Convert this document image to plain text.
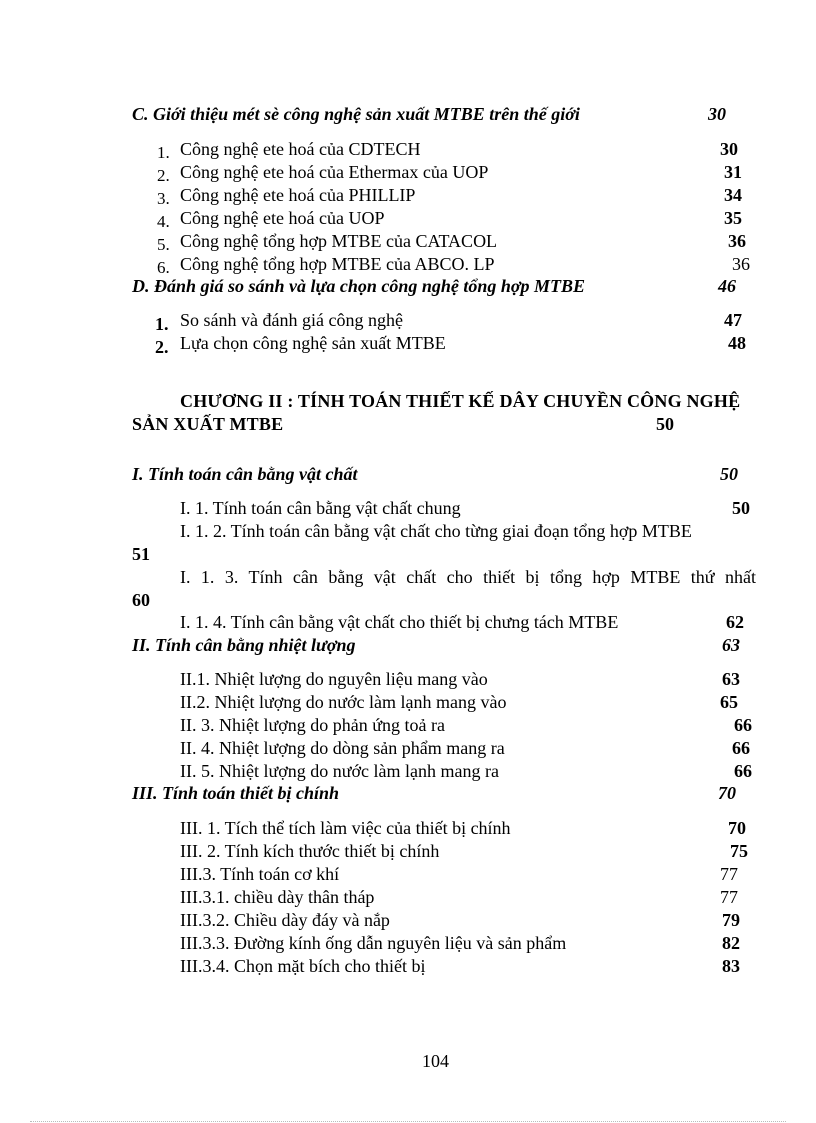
C. Giới thiệu mét sè công nghệ sản xuất MTBE trên thế giới	30
1. Công nghệ ete hoá của CDTECH	30
2. Công nghệ ete hoá của Ethermax của UOP	31
3. Công nghệ ete hoá của PHILLIP	34
4. Công nghệ ete hoá của UOP	35
5. Công nghệ tổng hợp MTBE của CATACOL	36
6. Công nghệ tổng hợp MTBE của ABCO. LP	36
D. Đánh giá so sánh và lựa chọn công nghệ tổng hợp MTBE	46
1. So sánh và đánh giá công nghệ	47
2. Lựa chọn công nghệ sản xuất MTBE	48
CHƯƠNG II : TÍNH TOÁN THIẾT KẾ DÂY CHUYỀN CÔNG NGHỆ
SẢN XUẤT MTBE	50
I. Tính toán cân bằng vật chất	50
I. 1. Tính toán cân bằng vật chất chung	50
I. 1. 2. Tính toán cân bằng vật chất cho từng giai đoạn tổng hợp MTBE
51
I. 1. 3. Tính cân bằng vật chất cho thiết bị tổng hợp MTBE thứ nhất
60
I. 1. 4. Tính cân bằng vật chất cho thiết bị chưng tách MTBE	62
II. Tính cân bằng nhiệt lượng	63
II.1. Nhiệt lượng do nguyên liệu mang vào	63
II.2. Nhiệt lượng do nước làm lạnh mang vào	65
II. 3. Nhiệt lượng do phản ứng toả ra	66
II. 4. Nhiệt lượng do dòng sản phẩm mang ra	66
II. 5. Nhiệt lượng do nước làm lạnh mang ra	66
III. Tính toán thiết bị chính	70
III. 1. Tích thể tích làm việc của thiết bị chính	70
III. 2. Tính kích thước thiết bị chính	75
III.3. Tính toán cơ khí	77
III.3.1. chiều dày thân tháp	77
III.3.2. Chiều dày đáy và nắp	79
III.3.3. Đường kính ống dẫn nguyên liệu và sản phẩm	82
III.3.4. Chọn mặt bích cho thiết bị	83
104
